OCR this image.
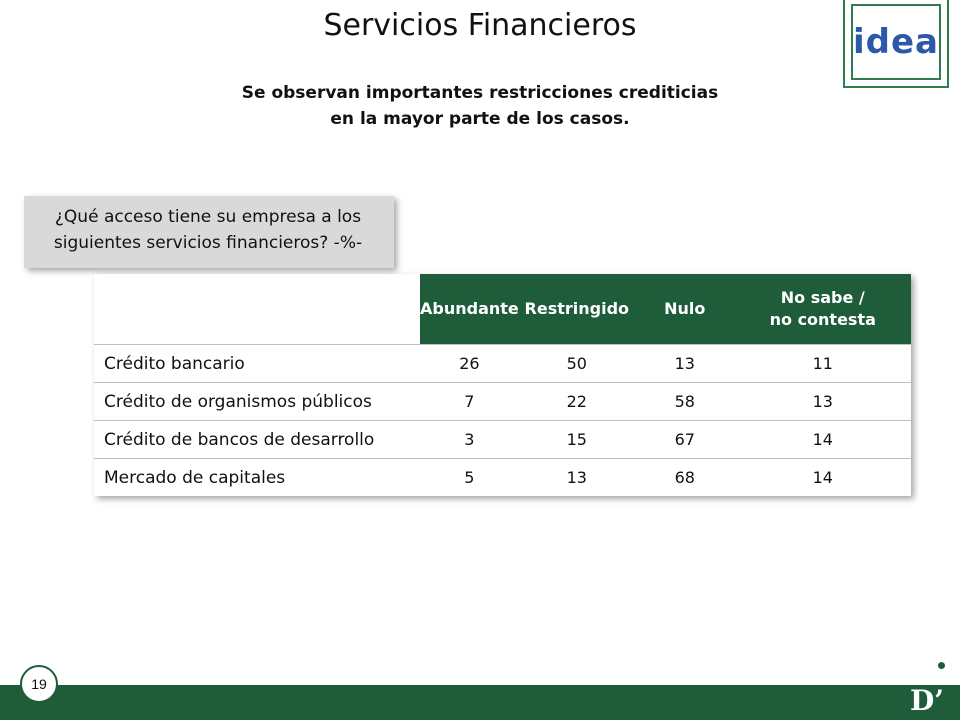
Servicios Financieros
Se observan importantes restricciones crediticias
en la mayor parte de los casos.
idea
¿Qué acceso tiene su empresa a los
siguientes servicios financieros? -%-
	Abundante	Restringido	Nulo	No sabe /
no contesta

Crédito bancario	26	50	13	11
Crédito de organismos públicos	7	22	58	13
Crédito de bancos de desarrollo	3	15	67	14
Mercado de capitales	5	13	68	14
19	D’
